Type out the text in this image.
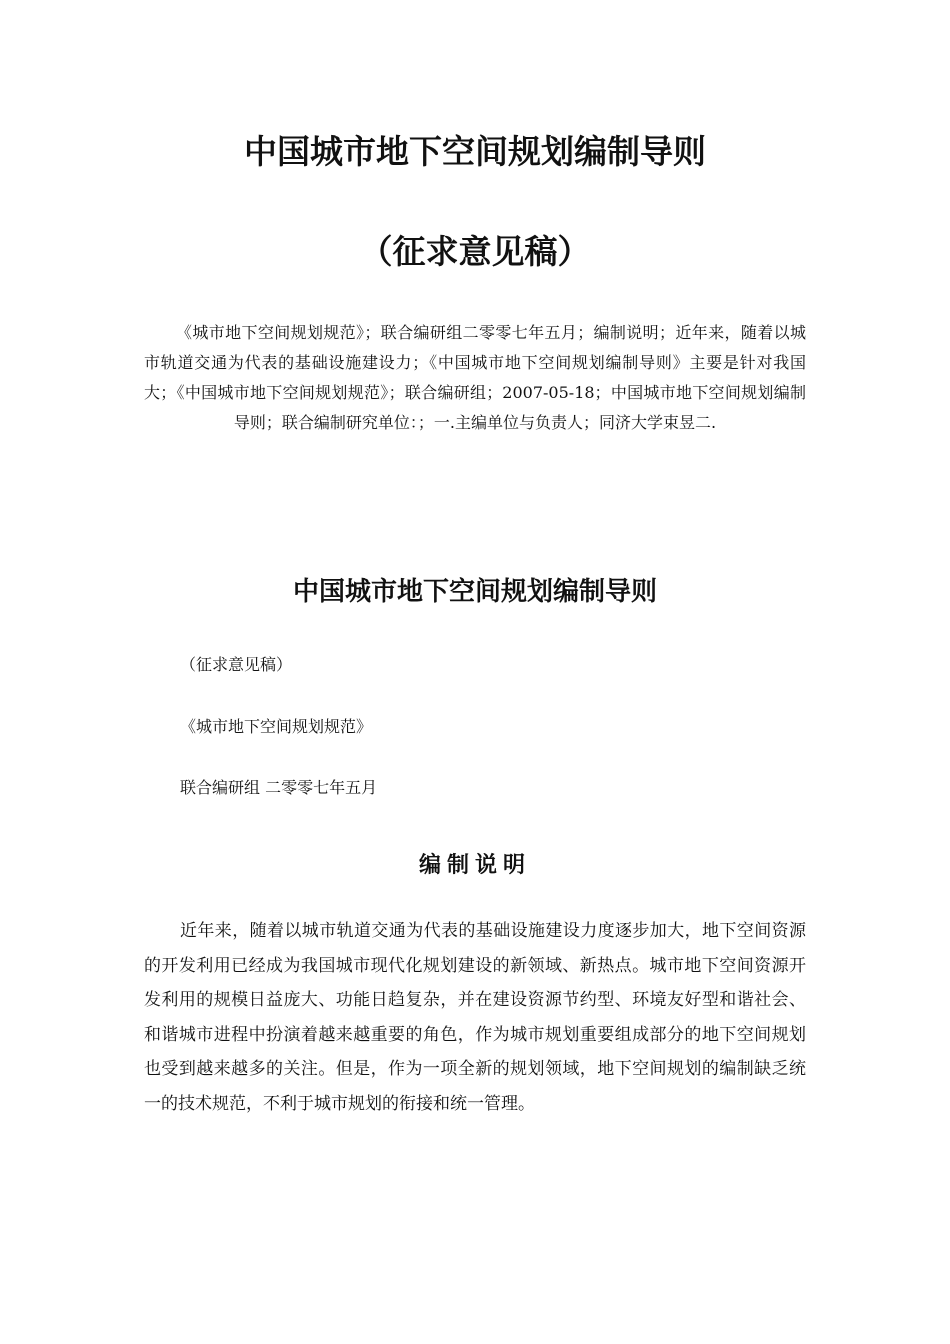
中国城市地下空间规划编制导则
（征求意见稿）
《城市地下空间规划规范》；联合编研组二零零七年五月；编制说明；近年来，随着以城市轨道交通为代表的基础设施建设力；《中国城市地下空间规划编制导则》主要是针对我国大；《中国城市地下空间规划规范》；联合编研组；2007-05-18；中国城市地下空间规划编制导则；联合编制研究单位：；一.主编单位与负责人；同济大学束昱二.
中国城市地下空间规划编制导则
（征求意见稿）
《城市地下空间规划规范》
联合编研组 二零零七年五月
编制说明
近年来，随着以城市轨道交通为代表的基础设施建设力度逐步加大，地下空间资源的开发利用已经成为我国城市现代化规划建设的新领域、新热点。城市地下空间资源开发利用的规模日益庞大、功能日趋复杂，并在建设资源节约型、环境友好型和谐社会、和谐城市进程中扮演着越来越重要的角色，作为城市规划重要组成部分的地下空间规划也受到越来越多的关注。但是，作为一项全新的规划领域，地下空间规划的编制缺乏统一的技术规范，不利于城市规划的衔接和统一管理。
